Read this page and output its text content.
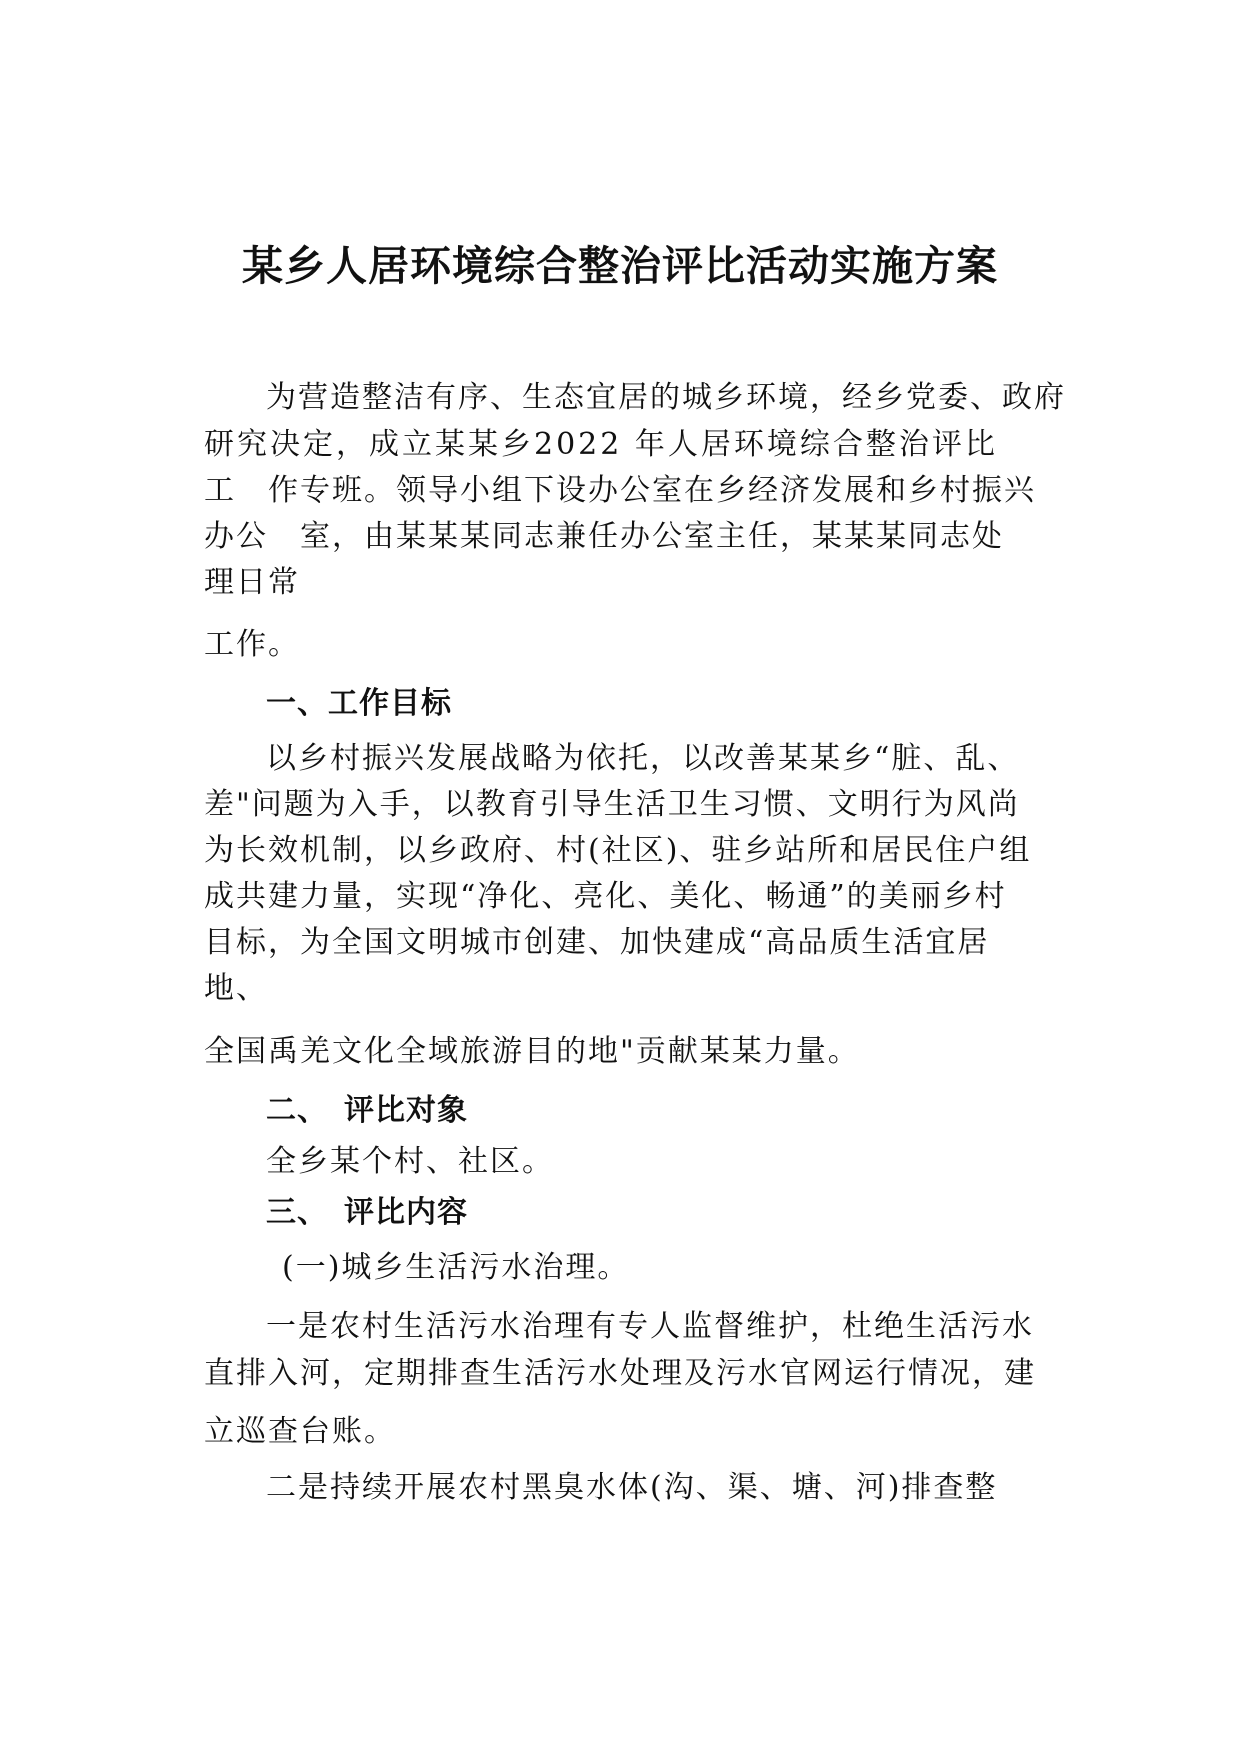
某乡人居环境综合整治评比活动实施方案
为营造整洁有序、生态宜居的城乡环境，经乡党委、政府
研究决定，成立某某乡2022 年人居环境综合整治评比
工　作专班。领导小组下设办公室在乡经济发展和乡村振兴
办公　室，由某某某同志兼任办公室主任，某某某同志处
理日常
工作。
一、工作目标
以乡村振兴发展战略为依托，以改善某某乡“脏、乱、
差"问题为入手，以教育引导生活卫生习惯、文明行为风尚
为长效机制，以乡政府、村(社区)、驻乡站所和居民住户组
成共建力量，实现“净化、亮化、美化、畅通”的美丽乡村
目标，为全国文明城市创建、加快建成“高品质生活宜居
地、
全国禹羌文化全域旅游目的地"贡献某某力量。
二、 评比对象
全乡某个村、社区。
三、 评比内容
(一)城乡生活污水治理。
一是农村生活污水治理有专人监督维护，杜绝生活污水
直排入河，定期排查生活污水处理及污水官网运行情况，建
立巡查台账。
二是持续开展农村黑臭水体(沟、渠、塘、河)排查整
